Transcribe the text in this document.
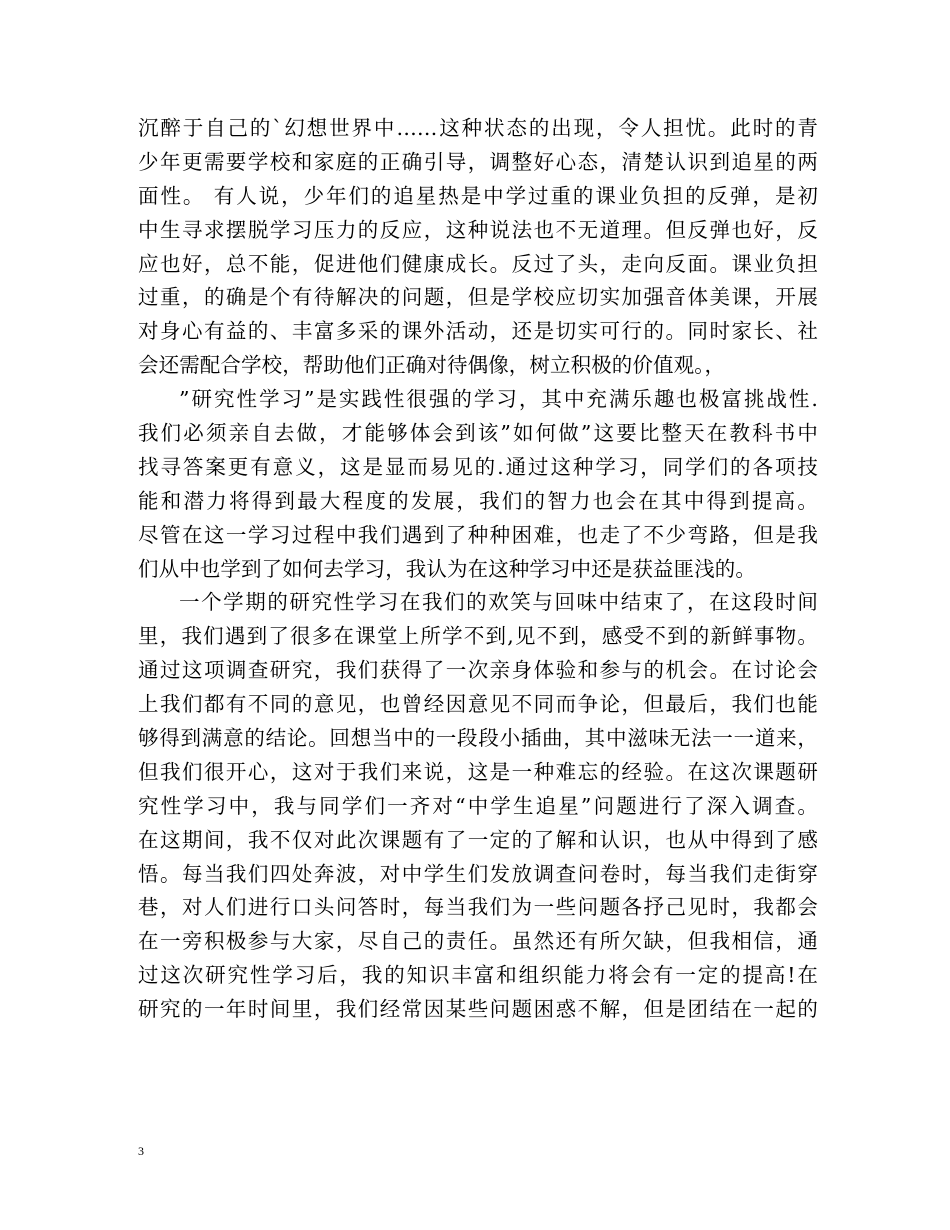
沉醉于自己的`幻想世界中……这种状态的出现，令人担忧。此时的青
少年更需要学校和家庭的正确引导，调整好心态，清楚认识到追星的两
面性。 有人说，少年们的追星热是中学过重的课业负担的反弹，是初
中生寻求摆脱学习压力的反应，这种说法也不无道理。但反弹也好，反
应也好，总不能，促进他们健康成长。反过了头，走向反面。课业负担
过重，的确是个有待解决的问题，但是学校应切实加强音体美课，开展
对身心有益的、丰富多采的课外活动，还是切实可行的。同时家长、社
会还需配合学校，帮助他们正确对待偶像，树立积极的价值观。，
”研究性学习”是实践性很强的学习，其中充满乐趣也极富挑战性.
我们必须亲自去做，才能够体会到该”如何做”这要比整天在教科书中
找寻答案更有意义，这是显而易见的.通过这种学习，同学们的各项技
能和潜力将得到最大程度的发展，我们的智力也会在其中得到提高。
尽管在这一学习过程中我们遇到了种种困难，也走了不少弯路，但是我
们从中也学到了如何去学习，我认为在这种学习中还是获益匪浅的。
一个学期的研究性学习在我们的欢笑与回味中结束了，在这段时间
里，我们遇到了很多在课堂上所学不到,见不到，感受不到的新鲜事物。
通过这项调查研究，我们获得了一次亲身体验和参与的机会。在讨论会
上我们都有不同的意见，也曾经因意见不同而争论，但最后，我们也能
够得到满意的结论。回想当中的一段段小插曲，其中滋味无法一一道来，
但我们很开心，这对于我们来说，这是一种难忘的经验。在这次课题研
究性学习中，我与同学们一齐对“中学生追星”问题进行了深入调查。
在这期间，我不仅对此次课题有了一定的了解和认识，也从中得到了感
悟。每当我们四处奔波，对中学生们发放调查问卷时，每当我们走街穿
巷，对人们进行口头问答时，每当我们为一些问题各抒己见时，我都会
在一旁积极参与大家，尽自己的责任。虽然还有所欠缺，但我相信，通
过这次研究性学习后，我的知识丰富和组织能力将会有一定的提高!在
研究的一年时间里，我们经常因某些问题困惑不解，但是团结在一起的
3
